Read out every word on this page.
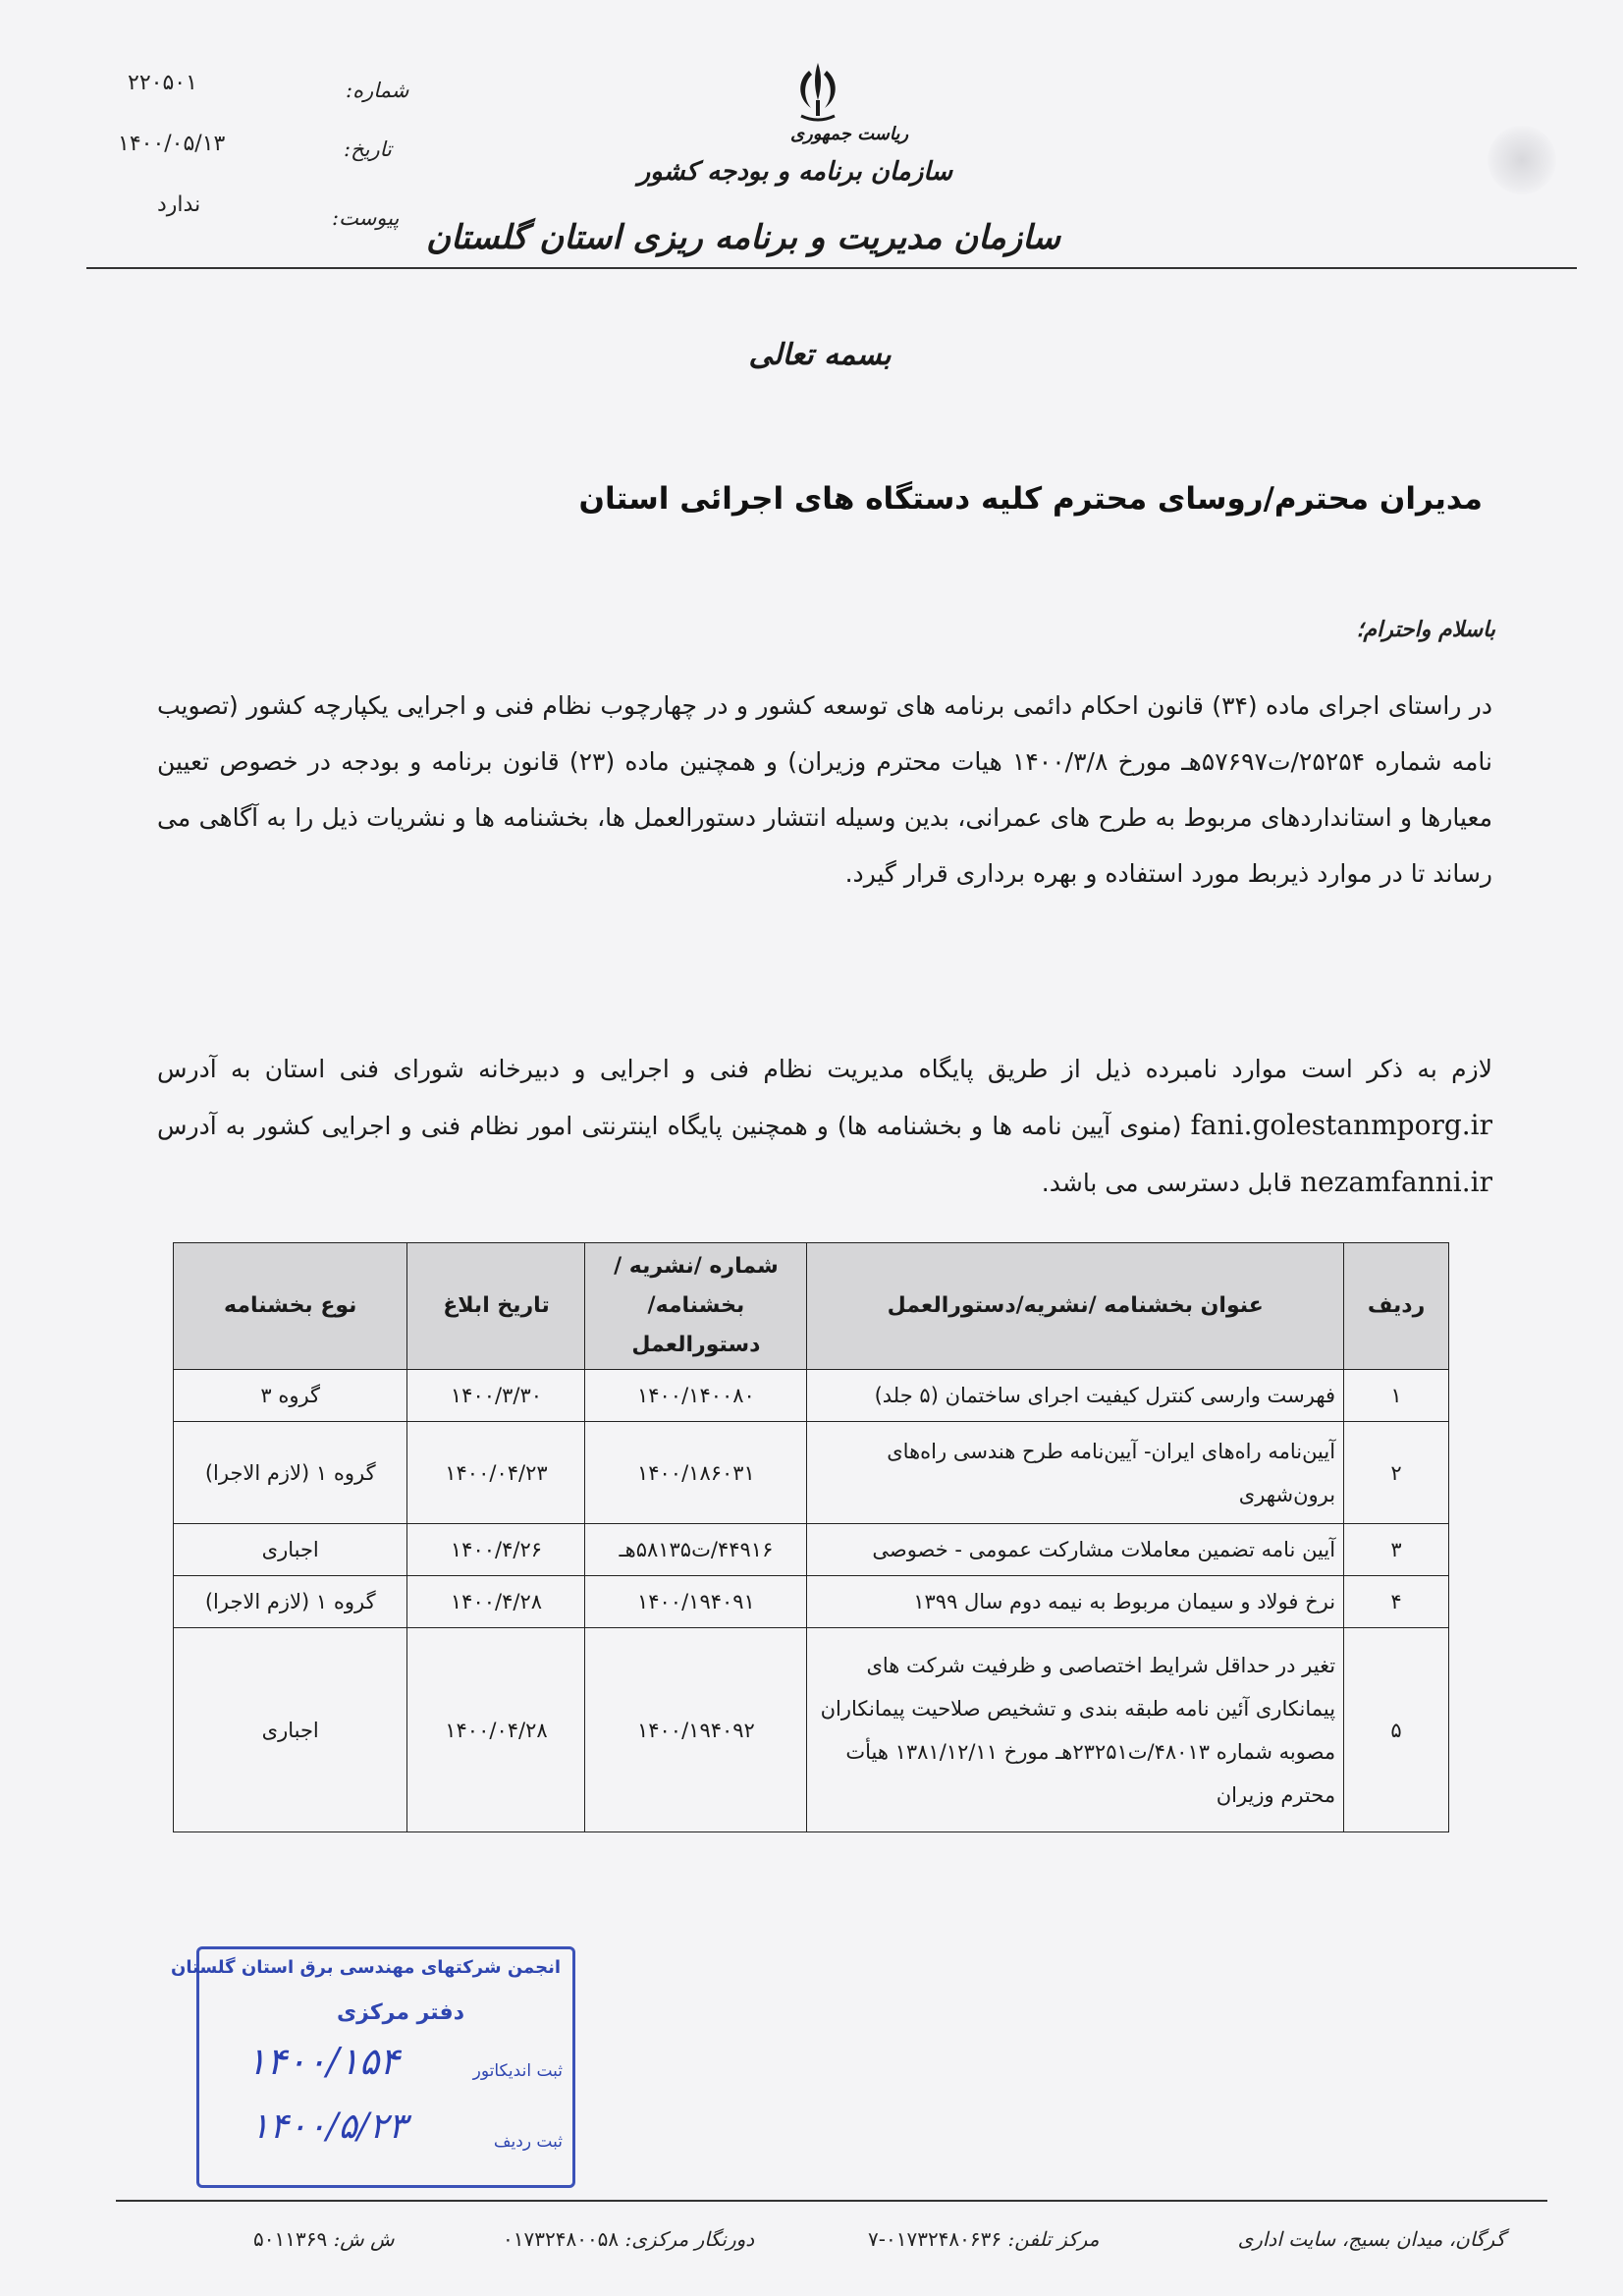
۲۲۰۵۰۱	شماره:
۱۴۰۰/۰۵/۱۳	تاریخ:
ندارد
پیوست:
ریاست جمهوری
سازمان برنامه و بودجه کشور
سازمان مدیریت و برنامه ریزی استان گلستان
بسمه تعالی
مدیران محترم/روسای محترم کلیه دستگاه های اجرائی استان
باسلام واحترام؛
در راستای اجرای ماده (۳۴) قانون احکام دائمی برنامه های توسعه کشور و در چهارچوب نظام فنی و اجرایی یکپارچه کشور (تصویب نامه شماره ۲۵۲۵۴/ت۵۷۶۹۷هـ مورخ ۱۴۰۰/۳/۸ هیات محترم وزیران) و همچنین ماده (۲۳) قانون برنامه و بودجه در خصوص تعیین معیارها و استانداردهای مربوط به طرح های عمرانی، بدین وسیله انتشار دستورالعمل ها، بخشنامه ها و نشریات ذیل را به آگاهی می رساند تا در موارد ذیربط مورد استفاده و بهره برداری قرار گیرد.
لازم به ذکر است موارد نامبرده ذیل از طریق پایگاه مدیریت نظام فنی و اجرایی و دبیرخانه شورای فنی استان به آدرس fani.golestanmporg.ir (منوی آیین نامه ها و بخشنامه ها) و همچنین پایگاه اینترنتی امور نظام فنی و اجرایی کشور به آدرس nezamfanni.ir قابل دسترسی می باشد.
ردیف	عنوان بخشنامه /نشریه/دستورالعمل	شماره /نشریه /بخشنامه/ دستورالعمل	تاریخ ابلاغ	نوع بخشنامه
۱	فهرست وارسی کنترل کیفیت اجرای ساختمان (۵ جلد)	۱۴۰۰/۱۴۰۰۸۰	۱۴۰۰/۳/۳۰	گروه ۳
۲	آیین‌نامه راه‌های ایران- آیین‌نامه طرح هندسی راه‌های برون‌شهری	۱۴۰۰/۱۸۶۰۳۱	۱۴۰۰/۰۴/۲۳	گروه ۱ (لازم الاجرا)
۳	آیین نامه تضمین معاملات مشارکت عمومی - خصوصی	۴۴۹۱۶/ت۵۸۱۳۵هـ	۱۴۰۰/۴/۲۶	اجباری
۴	نرخ فولاد و سیمان مربوط به نیمه دوم سال ۱۳۹۹	۱۴۰۰/۱۹۴۰۹۱	۱۴۰۰/۴/۲۸	گروه ۱ (لازم الاجرا)
۵	تغیر در حداقل شرایط اختصاصی و ظرفیت شرکت های پیمانکاری آئین نامه طبقه بندی و تشخیص صلاحیت پیمانکاران مصوبه شماره ۴۸۰۱۳/ت۲۳۲۵۱هـ مورخ ۱۳۸۱/۱۲/۱۱ هیأت محترم وزیران	۱۴۰۰/۱۹۴۰۹۲	۱۴۰۰/۰۴/۲۸	اجباری
انجمن شرکتهای مهندسی برق استان گلستان
دفتر مرکزی
۱۴۰۰/۱۵۴	ثبت اندیکاتور
۱۴۰۰/۵/۲۳	ثبت ردیف
گرگان، میدان بسیج، سایت اداری
مرکز تلفن: ۰۱۷۳۲۴۸۰۶۳۶-۷
دورنگار مرکزی: ۰۱۷۳۲۴۸۰۰۵۸
ش ش: ۵۰۱۱۳۶۹
